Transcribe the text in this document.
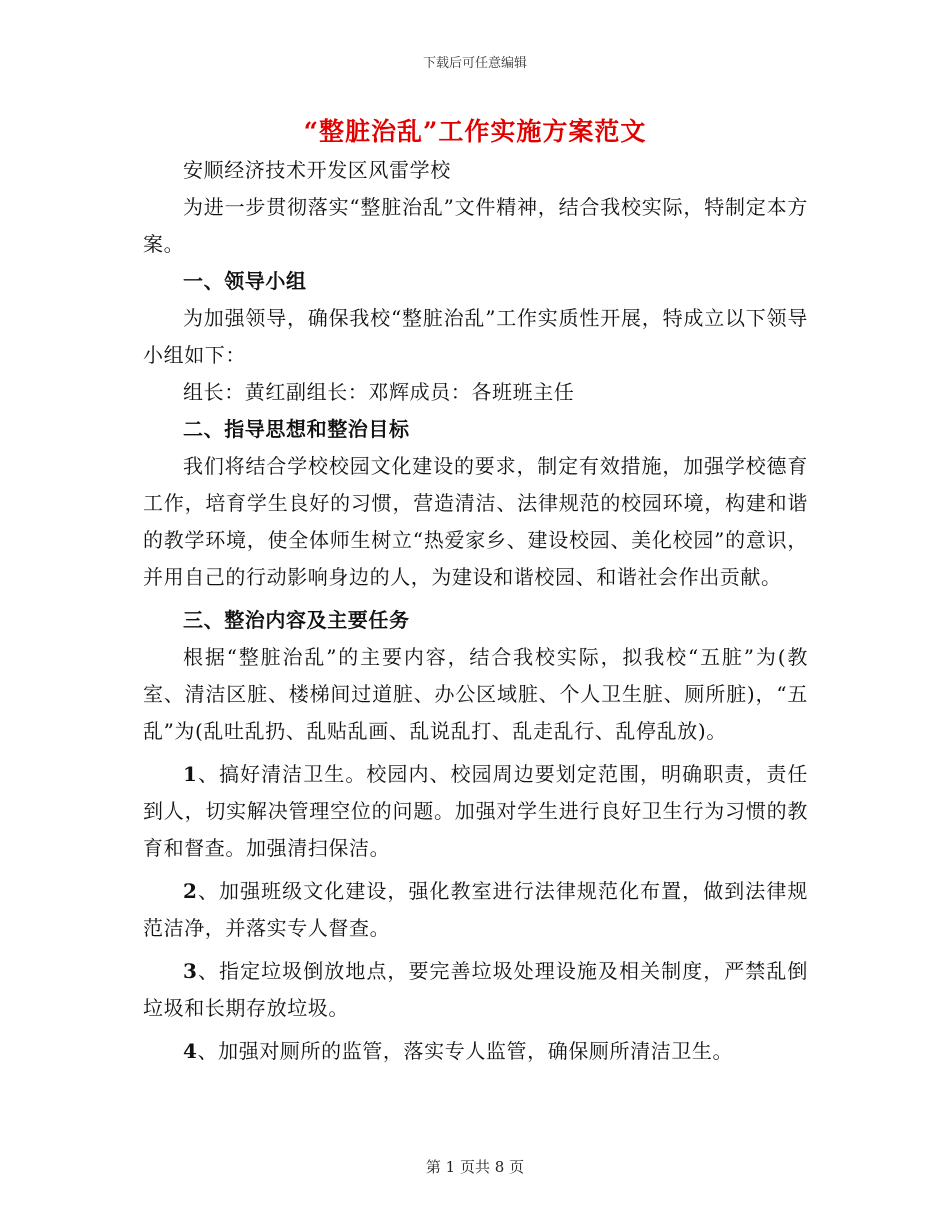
下载后可任意编辑
“整脏治乱”工作实施方案范文

安顺经济技术开发区风雷学校

为进一步贯彻落实“整脏治乱”文件精神，结合我校实际，特制定本方案。

一、领导小组

为加强领导，确保我校“整脏治乱”工作实质性开展，特成立以下领导小组如下：

组长：黄红副组长：邓辉成员：各班班主任

二、指导思想和整治目标

我们将结合学校校园文化建设的要求，制定有效措施，加强学校德育工作，培育学生良好的习惯，营造清洁、法律规范的校园环境，构建和谐的教学环境，使全体师生树立“热爱家乡、建设校园、美化校园”的意识，并用自己的行动影响身边的人，为建设和谐校园、和谐社会作出贡献。

三、整治内容及主要任务

根据“整脏治乱”的主要内容，结合我校实际，拟我校“五脏”为(教室、清洁区脏、楼梯间过道脏、办公区域脏、个人卫生脏、厕所脏)，“五乱”为(乱吐乱扔、乱贴乱画、乱说乱打、乱走乱行、乱停乱放)。

1、搞好清洁卫生。校园内、校园周边要划定范围，明确职责，责任到人，切实解决管理空位的问题。加强对学生进行良好卫生行为习惯的教育和督查。加强清扫保洁。

2、加强班级文化建设，强化教室进行法律规范化布置，做到法律规范洁净，并落实专人督查。

3、指定垃圾倒放地点，要完善垃圾处理设施及相关制度，严禁乱倒垃圾和长期存放垃圾。

4、加强对厕所的监管，落实专人监管，确保厕所清洁卫生。

第 1 页共 8 页
